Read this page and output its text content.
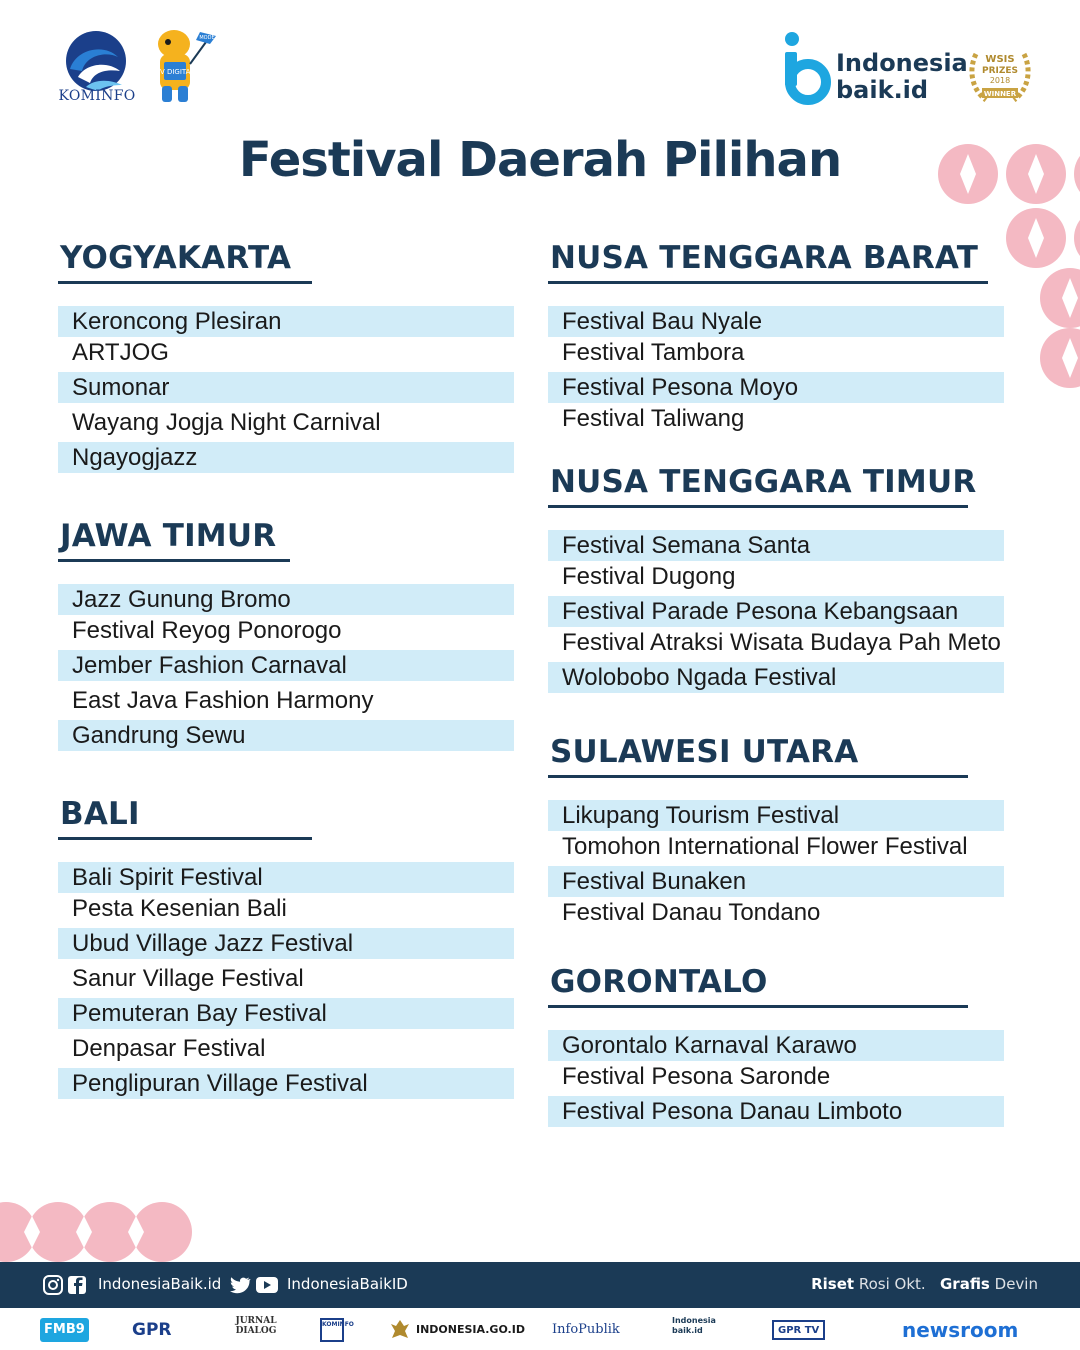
KOMINFO
TV DIGITAL
MODE
Indonesia
baik.id
WSIS
PRIZES
2018
WINNER
Festival Daerah Pilihan
YOGYAKARTA
Keroncong Plesiran
ARTJOG
Sumonar
Wayang Jogja Night Carnival
Ngayogjazz
JAWA TIMUR
Jazz Gunung Bromo
Festival Reyog Ponorogo
Jember Fashion Carnaval
East Java Fashion Harmony
Gandrung Sewu
BALI
Bali Spirit Festival
Pesta Kesenian Bali
Ubud Village Jazz Festival
Sanur Village Festival
Pemuteran Bay Festival
Denpasar Festival
Penglipuran Village Festival
NUSA TENGGARA BARAT
Festival Bau Nyale
Festival Tambora
Festival Pesona Moyo
Festival Taliwang
NUSA TENGGARA TIMUR
Festival Semana Santa
Festival Dugong
Festival Parade Pesona Kebangsaan
Festival Atraksi Wisata Budaya Pah Meto
Wolobobo Ngada Festival
SULAWESI UTARA
Likupang Tourism Festival
Tomohon International Flower Festival
Festival Bunaken
Festival Danau Tondano
GORONTALO
Gorontalo Karnaval Karawo
Festival Pesona Saronde
Festival Pesona Danau Limboto
IndonesiaBaik.id	IndonesiaBaikID	Riset Rosi Okt. Grafis Devin
FMB9	GPR	JURNAL DIALOG
KOMINFO	INDONESIA.GO.ID InfoPublik
Indonesia baik.id	GPR TV	newsroom
